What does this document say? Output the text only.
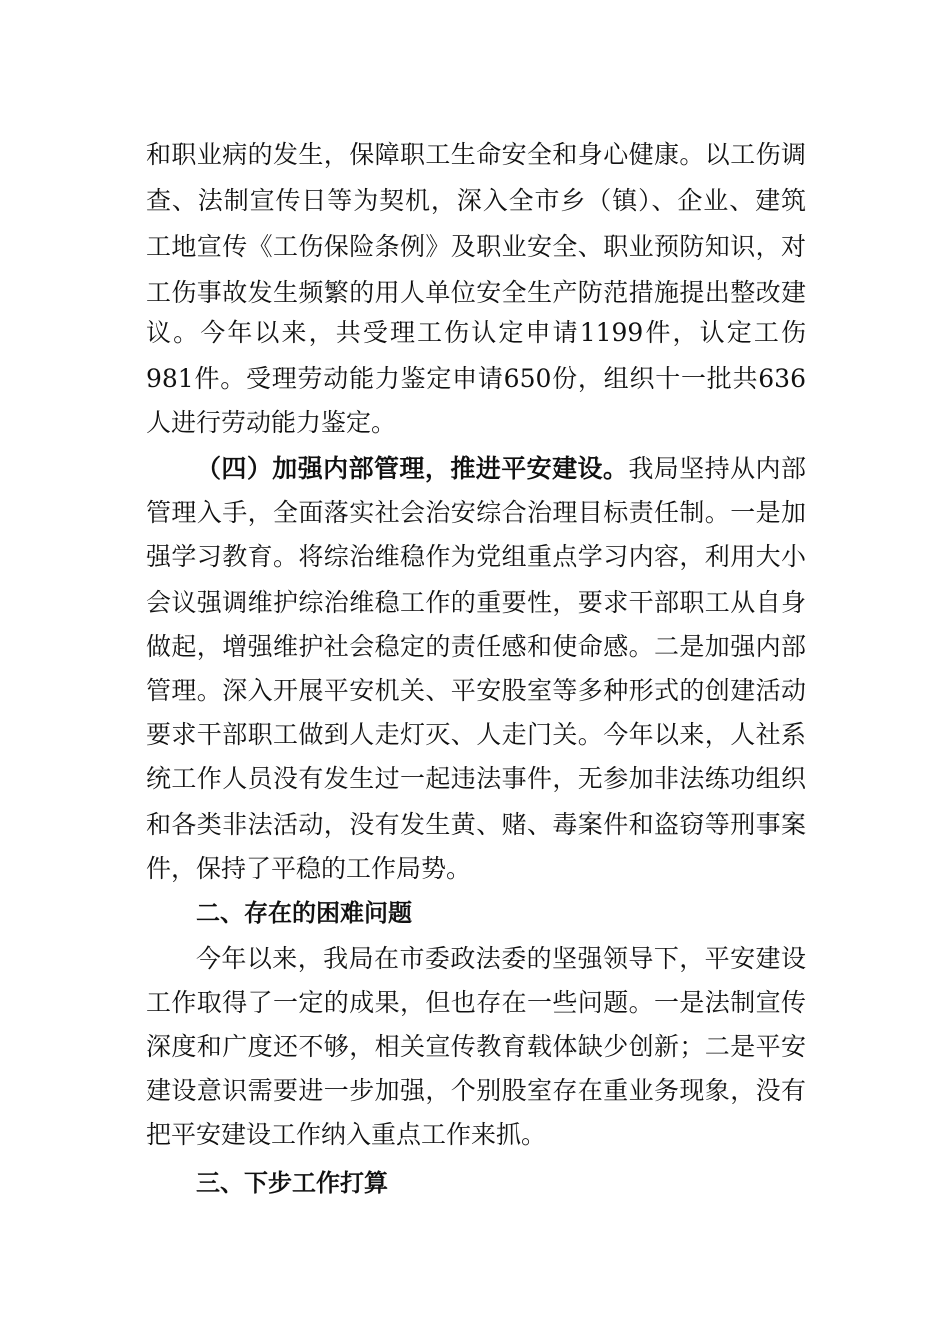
和职业病的发生，保障职工生命安全和身心健康。以工伤调
查、法制宣传日等为契机，深入全市乡（镇）、企业、建筑
工地宣传《工伤保险条例》及职业安全、职业预防知识，对
工伤事故发生频繁的用人单位安全生产防范措施提出整改建
议。今年以来，共受理工伤认定申请1199件，认定工伤
981件。受理劳动能力鉴定申请650份，组织十一批共636
人进行劳动能力鉴定。
（四）加强内部管理，推进平安建设。我局坚持从内部
管理入手，全面落实社会治安综合治理目标责任制。一是加
强学习教育。将综治维稳作为党组重点学习内容，利用大小
会议强调维护综治维稳工作的重要性，要求干部职工从自身
做起，增强维护社会稳定的责任感和使命感。二是加强内部
管理。深入开展平安机关、平安股室等多种形式的创建活动
要求干部职工做到人走灯灭、人走门关。今年以来，人社系
统工作人员没有发生过一起违法事件，无参加非法练功组织
和各类非法活动，没有发生黄、赌、毒案件和盗窃等刑事案
件，保持了平稳的工作局势。
二、存在的困难问题
今年以来，我局在市委政法委的坚强领导下，平安建设
工作取得了一定的成果，但也存在一些问题。一是法制宣传
深度和广度还不够，相关宣传教育载体缺少创新；二是平安
建设意识需要进一步加强，个别股室存在重业务现象，没有
把平安建设工作纳入重点工作来抓。
三、下步工作打算
